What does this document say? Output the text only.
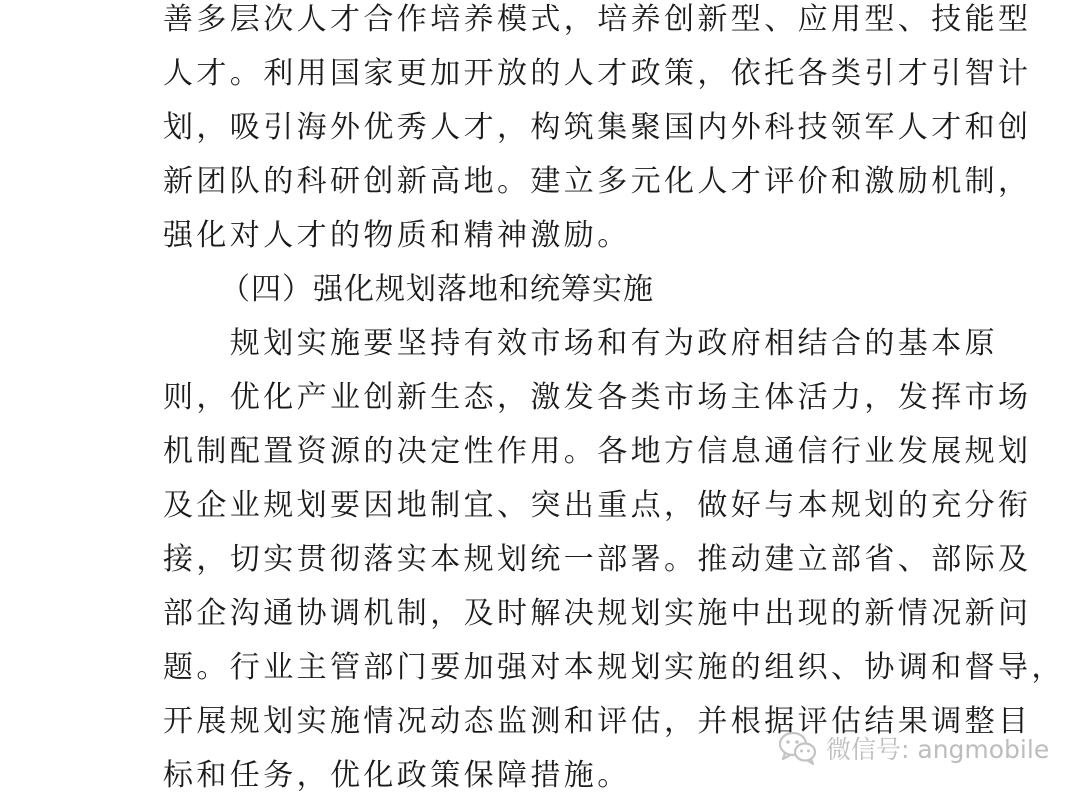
善多层次人才合作培养模式，培养创新型、应用型、技能型
人才。利用国家更加开放的人才政策，依托各类引才引智计
划，吸引海外优秀人才，构筑集聚国内外科技领军人才和创
新团队的科研创新高地。建立多元化人才评价和激励机制，
强化对人才的物质和精神激励。
（四）强化规划落地和统筹实施
　　规划实施要坚持有效市场和有为政府相结合的基本原
则，优化产业创新生态，激发各类市场主体活力，发挥市场
机制配置资源的决定性作用。各地方信息通信行业发展规划
及企业规划要因地制宜、突出重点，做好与本规划的充分衔
接，切实贯彻落实本规划统一部署。推动建立部省、部际及
部企沟通协调机制，及时解决规划实施中出现的新情况新问
题。行业主管部门要加强对本规划实施的组织、协调和督导，
开展规划实施情况动态监测和评估，并根据评估结果调整目
标和任务，优化政策保障措施。
微信号: angmobile
